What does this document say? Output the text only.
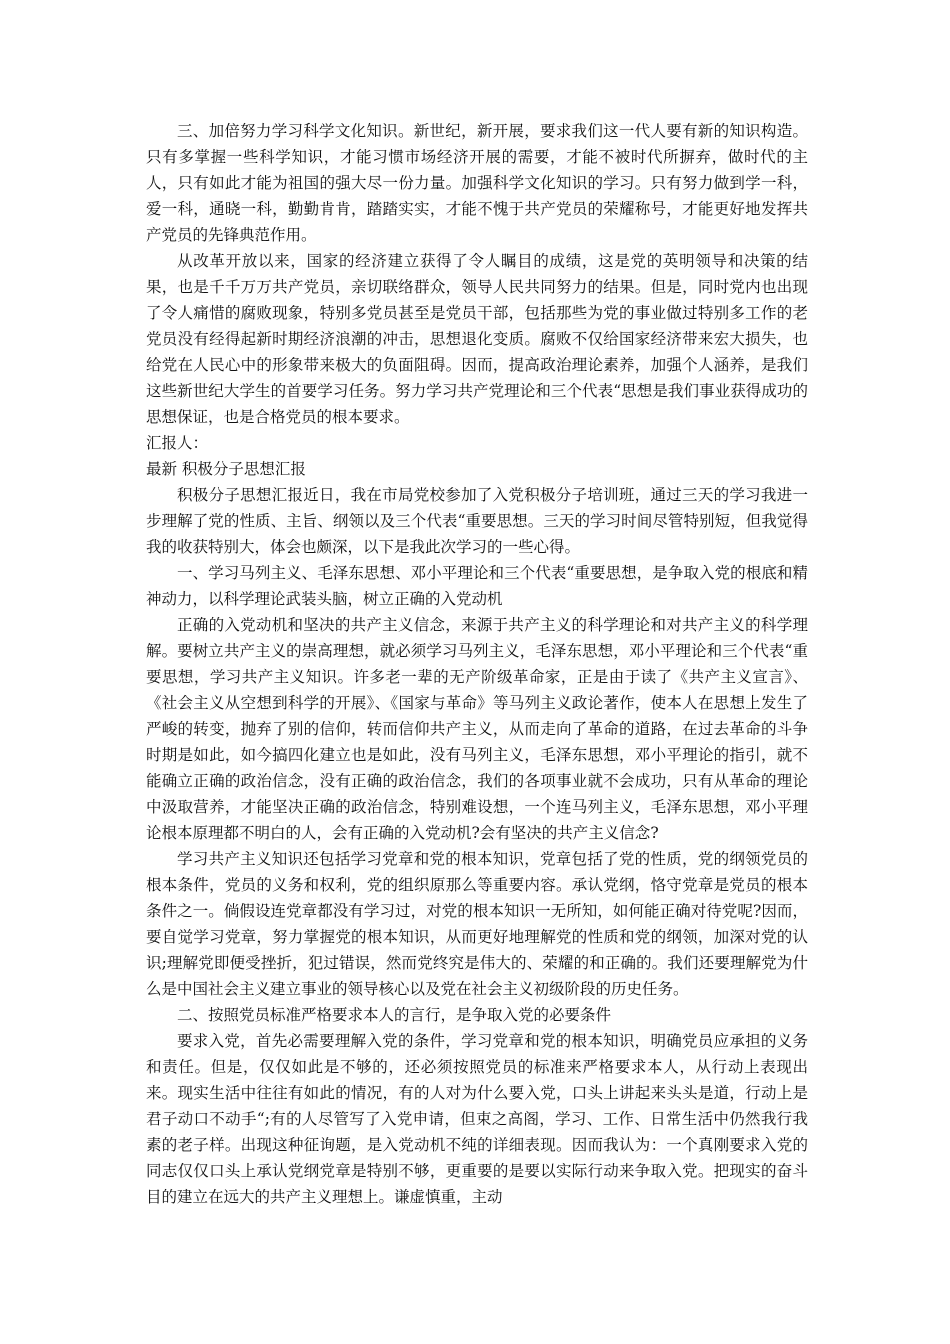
三、加倍努力学习科学文化知识。新世纪，新开展，要求我们这一代人要有新的知识构造。只有多掌握一些科学知识，才能习惯市场经济开展的需要，才能不被时代所摒弃，做时代的主人，只有如此才能为祖国的强大尽一份力量。加强科学文化知识的学习。只有努力做到学一科，爱一科，通晓一科，勤勤肯肯，踏踏实实，才能不愧于共产党员的荣耀称号，才能更好地发挥共产党员的先锋典范作用。

从改革开放以来，国家的经济建立获得了令人瞩目的成绩，这是党的英明领导和决策的结果，也是千千万万共产党员，亲切联络群众，领导人民共同努力的结果。但是，同时党内也出现了令人痛惜的腐败现象，特别多党员甚至是党员干部，包括那些为党的事业做过特别多工作的老党员没有经得起新时期经济浪潮的冲击，思想退化变质。腐败不仅给国家经济带来宏大损失，也给党在人民心中的形象带来极大的负面阻碍。因而，提高政治理论素养，加强个人涵养，是我们这些新世纪大学生的首要学习任务。努力学习共产党理论和三个代表“思想是我们事业获得成功的思想保证，也是合格党员的根本要求。

汇报人：

最新 积极分子思想汇报

积极分子思想汇报近日，我在市局党校参加了入党积极分子培训班，通过三天的学习我进一步理解了党的性质、主旨、纲领以及三个代表“重要思想。三天的学习时间尽管特别短，但我觉得我的收获特别大，体会也颇深，以下是我此次学习的一些心得。

一、学习马列主义、毛泽东思想、邓小平理论和三个代表“重要思想，是争取入党的根底和精神动力，以科学理论武装头脑，树立正确的入党动机

正确的入党动机和坚决的共产主义信念，来源于共产主义的科学理论和对共产主义的科学理解。要树立共产主义的崇高理想，就必须学习马列主义，毛泽东思想，邓小平理论和三个代表“重要思想，学习共产主义知识。许多老一辈的无产阶级革命家，正是由于读了《共产主义宣言》、《社会主义从空想到科学的开展》、《国家与革命》等马列主义政论著作，使本人在思想上发生了严峻的转变，抛弃了别的信仰，转而信仰共产主义，从而走向了革命的道路，在过去革命的斗争时期是如此，如今搞四化建立也是如此，没有马列主义，毛泽东思想，邓小平理论的指引，就不能确立正确的政治信念，没有正确的政治信念，我们的各项事业就不会成功，只有从革命的理论中汲取营养，才能坚决正确的政治信念，特别难设想，一个连马列主义，毛泽东思想，邓小平理论根本原理都不明白的人，会有正确的入党动机?会有坚决的共产主义信念?

学习共产主义知识还包括学习党章和党的根本知识，党章包括了党的性质，党的纲领党员的根本条件，党员的义务和权利，党的组织原那么等重要内容。承认党纲，恪守党章是党员的根本条件之一。倘假设连党章都没有学习过，对党的根本知识一无所知，如何能正确对待党呢?因而，要自觉学习党章，努力掌握党的根本知识，从而更好地理解党的性质和党的纲领，加深对党的认识;理解党即便受挫折，犯过错误，然而党终究是伟大的、荣耀的和正确的。我们还要理解党为什么是中国社会主义建立事业的领导核心以及党在社会主义初级阶段的历史任务。

二、按照党员标准严格要求本人的言行，是争取入党的必要条件

要求入党，首先必需要理解入党的条件，学习党章和党的根本知识，明确党员应承担的义务和责任。但是，仅仅如此是不够的，还必须按照党员的标准来严格要求本人，从行动上表现出来。现实生活中往往有如此的情况，有的人对为什么要入党，口头上讲起来头头是道，行动上是君子动口不动手“;有的人尽管写了入党申请，但束之高阁，学习、工作、日常生活中仍然我行我素的老子样。出现这种征询题，是入党动机不纯的详细表现。因而我认为：一个真刚要求入党的同志仅仅口头上承认党纲党章是特别不够，更重要的是要以实际行动来争取入党。把现实的奋斗目的建立在远大的共产主义理想上。谦虚慎重，主动
